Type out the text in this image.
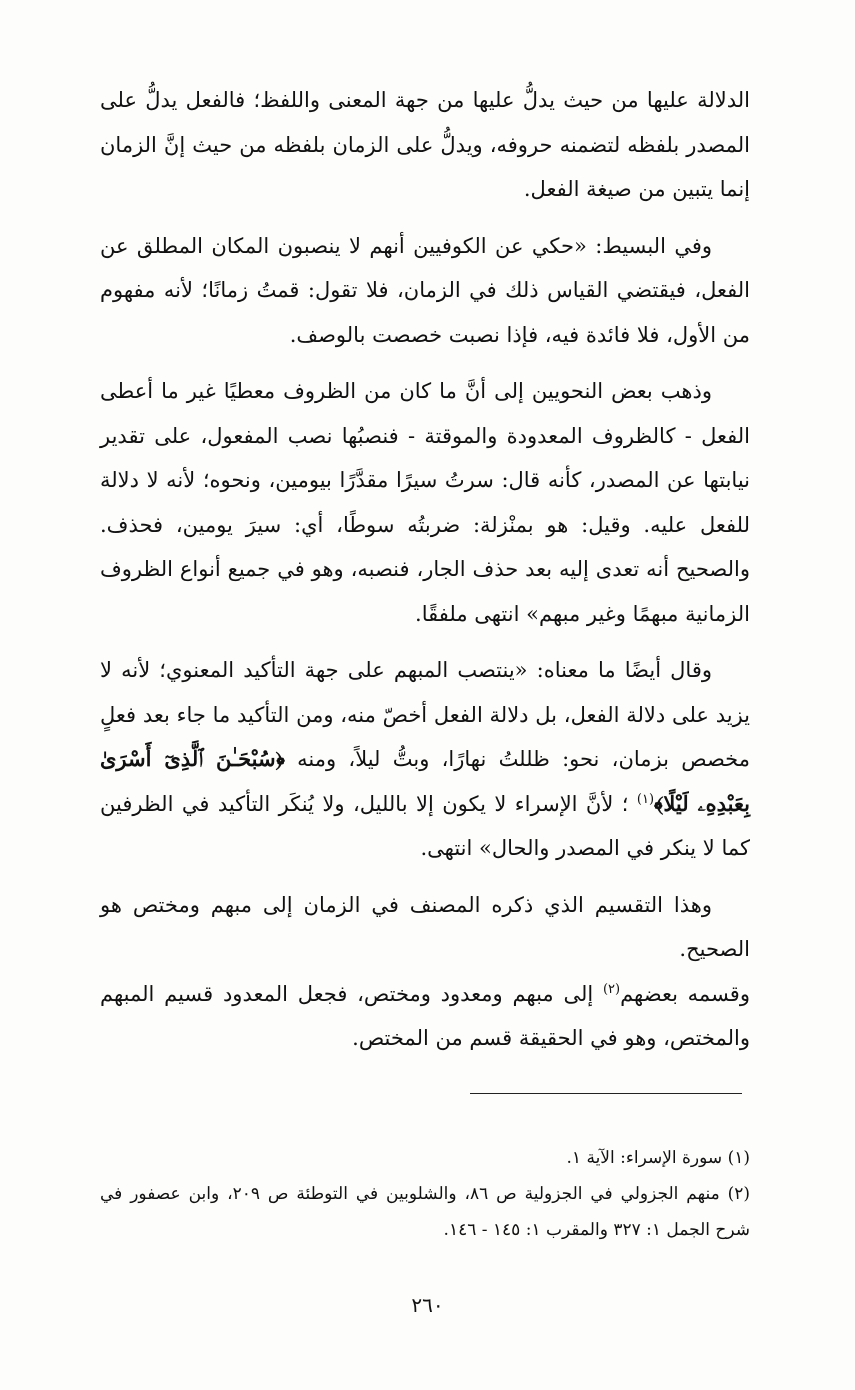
الدلالة عليها من حيث يدلُّ عليها من جهة المعنى واللفظ؛ فالفعل يدلُّ على المصدر بلفظه لتضمنه حروفه، ويدلُّ على الزمان بلفظه من حيث إنَّ الزمان إنما يتبين من صيغة الفعل.

وفي البسيط: «حكي عن الكوفيين أنهم لا ينصبون المكان المطلق عن الفعل، فيقتضي القياس ذلك في الزمان، فلا تقول: قمتُ زمانًا؛ لأنه مفهوم من الأول، فلا فائدة فيه، فإذا نصبت خصصت بالوصف.

وذهب بعض النحويين إلى أنَّ ما كان من الظروف معطيًا غير ما أعطى الفعل - كالظروف المعدودة والموقتة - فنصبُها نصب المفعول، على تقدير نيابتها عن المصدر، كأنه قال: سرتُ سيرًا مقدَّرًا بيومين، ونحوه؛ لأنه لا دلالة للفعل عليه. وقيل: هو بمنْزلة: ضربتُه سوطًا، أي: سيرَ يومين، فحذف. والصحيح أنه تعدى إليه بعد حذف الجار، فنصبه، وهو في جميع أنواع الظروف الزمانية مبهمًا وغير مبهم» انتهى ملفقًا.

وقال أيضًا ما معناه: «ينتصب المبهم على جهة التأكيد المعنوي؛ لأنه لا يزيد على دلالة الفعل، بل دلالة الفعل أخصّ منه، ومن التأكيد ما جاء بعد فعلٍ مخصص بزمان، نحو: ظللتُ نهارًا، وبتُّ ليلاً، ومنه ﴿سُبْحَـٰنَ ٱلَّذِىٓ أَسْرَىٰ بِعَبْدِهِۦ لَيْلًا﴾$^{(١)}$ ؛ لأنَّ الإسراء لا يكون إلا بالليل، ولا يُنكَر التأكيد في الظرفين كما لا ينكر في المصدر والحال» انتهى.

وهذا التقسيم الذي ذكره المصنف في الزمان إلى مبهم ومختص هو الصحيح.
وقسمه بعضهم$^{(٢)}$ إلى مبهم ومعدود ومختص، فجعل المعدود قسيم المبهم والمختص، وهو في الحقيقة قسم من المختص.

(١) سورة الإسراء: الآية ١.

(٢) منهم الجزولي في الجزولية ص ٨٦، والشلوبين في التوطئة ص ٢٠٩، وابن عصفور في شرح الجمل ١: ٣٢٧ والمقرب ١: ١٤٥ - ١٤٦.

٢٦٠
